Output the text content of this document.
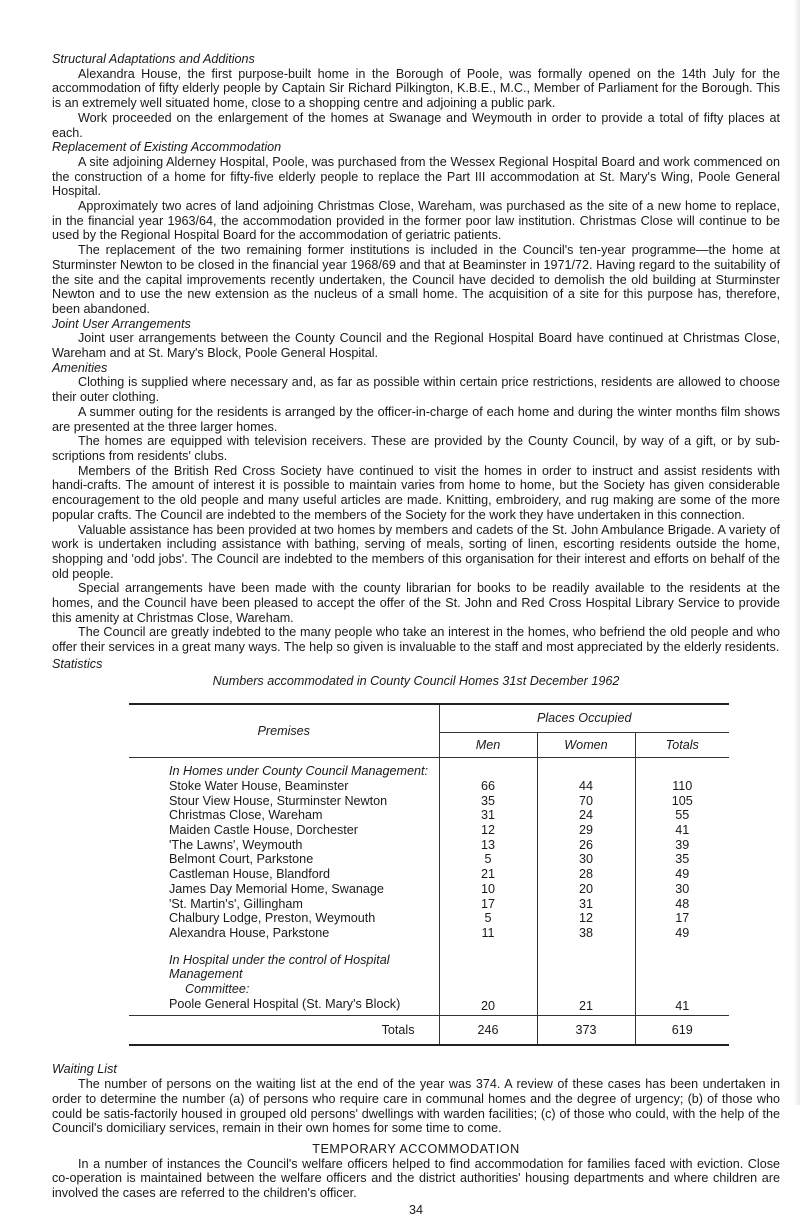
Structural Adaptations and Additions

Alexandra House, the first purpose-built home in the Borough of Poole, was formally opened on the 14th July for the accommodation of fifty elderly people by Captain Sir Richard Pilkington, K.B.E., M.C., Member of Parliament for the Borough. This is an extremely well situated home, close to a shopping centre and adjoining a public park.

Work proceeded on the enlargement of the homes at Swanage and Weymouth in order to provide a total of fifty places at each.

Replacement of Existing Accommodation

A site adjoining Alderney Hospital, Poole, was purchased from the Wessex Regional Hospital Board and work commenced on the construction of a home for fifty-five elderly people to replace the Part III accommodation at St. Mary's Wing, Poole General Hospital.

Approximately two acres of land adjoining Christmas Close, Wareham, was purchased as the site of a new home to replace, in the financial year 1963/64, the accommodation provided in the former poor law institution. Christmas Close will continue to be used by the Regional Hospital Board for the accommodation of geriatric patients.

The replacement of the two remaining former institutions is included in the Council's ten-year programme—the home at Sturminster Newton to be closed in the financial year 1968/69 and that at Beaminster in 1971/72. Having regard to the suitability of the site and the capital improvements recently undertaken, the Council have decided to demolish the old building at Sturminster Newton and to use the new extension as the nucleus of a small home. The acquisition of a site for this purpose has, therefore, been abandoned.

Joint User Arrangements

Joint user arrangements between the County Council and the Regional Hospital Board have continued at Christmas Close, Wareham and at St. Mary's Block, Poole General Hospital.

Amenities

Clothing is supplied where necessary and, as far as possible within certain price restrictions, residents are allowed to choose their outer clothing.

A summer outing for the residents is arranged by the officer-in-charge of each home and during the winter months film shows are presented at the three larger homes.

The homes are equipped with television receivers. These are provided by the County Council, by way of a gift, or by sub-scriptions from residents' clubs.

Members of the British Red Cross Society have continued to visit the homes in order to instruct and assist residents with handi-crafts. The amount of interest it is possible to maintain varies from home to home, but the Society has given considerable encouragement to the old people and many useful articles are made. Knitting, embroidery, and rug making are some of the more popular crafts. The Council are indebted to the members of the Society for the work they have undertaken in this connection.

Valuable assistance has been provided at two homes by members and cadets of the St. John Ambulance Brigade. A variety of work is undertaken including assistance with bathing, serving of meals, sorting of linen, escorting residents outside the home, shopping and 'odd jobs'. The Council are indebted to the members of this organisation for their interest and efforts on behalf of the old people.

Special arrangements have been made with the county librarian for books to be readily available to the residents at the homes, and the Council have been pleased to accept the offer of the St. John and Red Cross Hospital Library Service to provide this amenity at Christmas Close, Wareham.

The Council are greatly indebted to the many people who take an interest in the homes, who befriend the old people and who offer their services in a great many ways. The help so given is invaluable to the staff and most appreciated by the elderly residents.

Statistics

Numbers accommodated in County Council Homes 31st December 1962

Premises	Places Occupied		
	Men	Women	Totals

In Homes under County Council Management:			
Stoke Water House, Beaminster	66	44	110
Stour View House, Sturminster Newton	35	70	105
Christmas Close, Wareham	31	24	55
Maiden Castle House, Dorchester	12	29	41
'The Lawns', Weymouth	13	26	39
Belmont Court, Parkstone	5	30	35
Castleman House, Blandford	21	28	49
James Day Memorial Home, Swanage	10	20	30
'St. Martin's', Gillingham	17	31	48
Chalbury Lodge, Preston, Weymouth	5	12	17
Alexandra House, Parkstone	11	38	49

In Hospital under the control of Hospital Management			
Committee:			
Poole General Hospital (St. Mary's Block)	20	21	41
Totals	246	373	619

Waiting List

The number of persons on the waiting list at the end of the year was 374. A review of these cases has been undertaken in order to determine the number (a) of persons who require care in communal homes and the degree of urgency; (b) of those who could be satis-factorily housed in grouped old persons' dwellings with warden facilities; (c) of those who could, with the help of the Council's domiciliary services, remain in their own homes for some time to come.

TEMPORARY ACCOMMODATION

In a number of instances the Council's welfare officers helped to find accommodation for families faced with eviction. Close co-operation is maintained between the welfare officers and the district authorities' housing departments and where children are involved the cases are referred to the children's officer.

34
